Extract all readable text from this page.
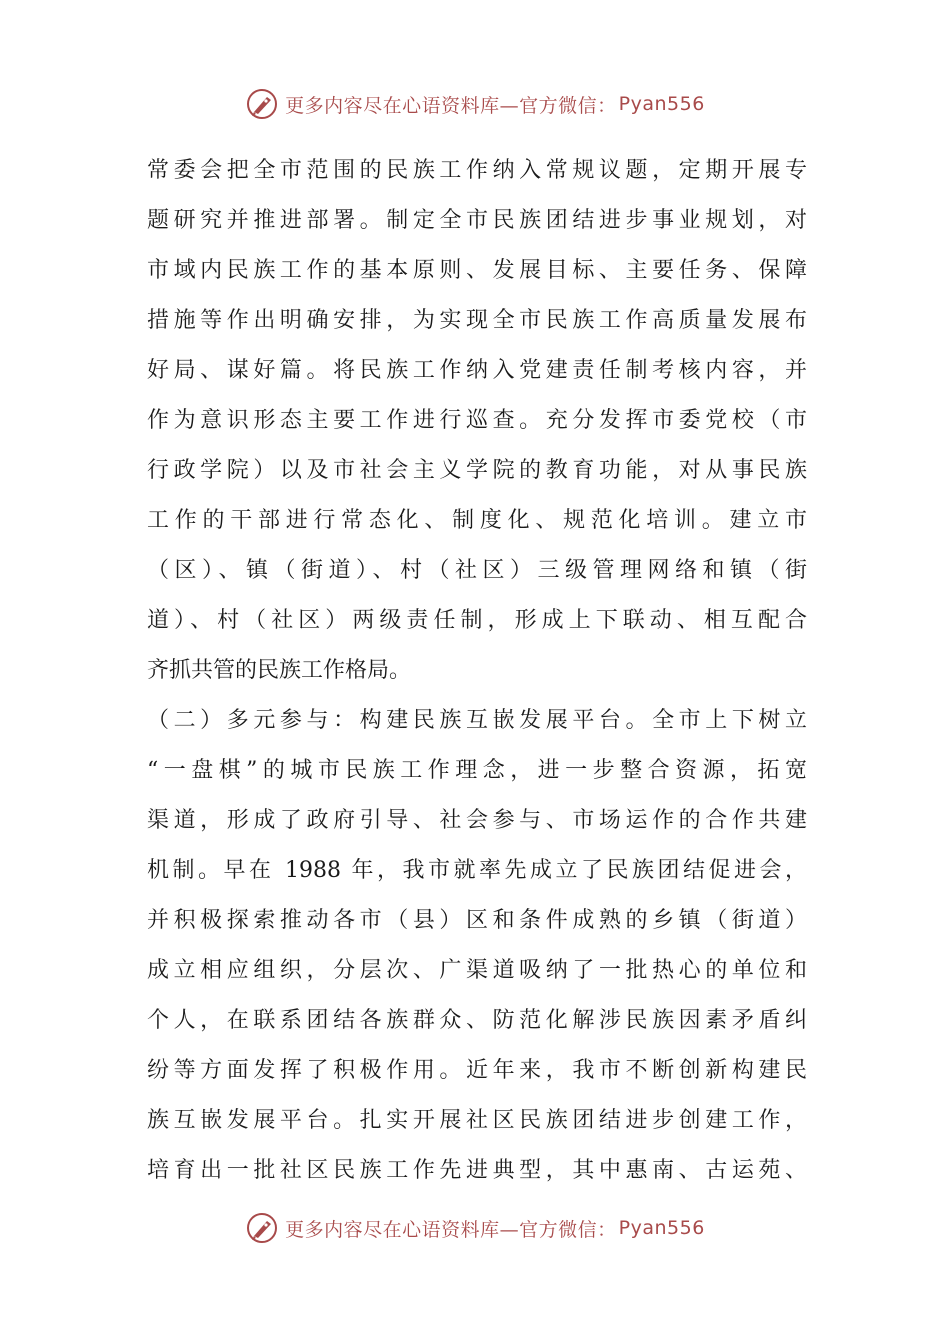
更多内容尽在心语资料库—官方微信： Pyan556
常委会把全市范围的民族工作纳入常规议题，定期开展专
题研究并推进部署。制定全市民族团结进步事业规划，对
市域内民族工作的基本原则、发展目标、主要任务、保障
措施等作出明确安排，为实现全市民族工作高质量发展布
好局、谋好篇。将民族工作纳入党建责任制考核内容，并
作为意识形态主要工作进行巡查。充分发挥市委党校（市
行政学院）以及市社会主义学院的教育功能，对从事民族
工作的干部进行常态化、制度化、规范化培训。建立市
（区）、镇（街道）、村（社区）三级管理网络和镇（街
道）、村（社区）两级责任制，形成上下联动、相互配合
齐抓共管的民族工作格局。
（二）多元参与：构建民族互嵌发展平台。全市上下树立
“一盘棋”的城市民族工作理念，进一步整合资源，拓宽
渠道，形成了政府引导、社会参与、市场运作的合作共建
机制。早在 1988 年，我市就率先成立了民族团结促进会，
并积极探索推动各市（县）区和条件成熟的乡镇（街道）
成立相应组织，分层次、广渠道吸纳了一批热心的单位和
个人，在联系团结各族群众、防范化解涉民族因素矛盾纠
纷等方面发挥了积极作用。近年来，我市不断创新构建民
族互嵌发展平台。扎实开展社区民族团结进步创建工作，
培育出一批社区民族工作先进典型，其中惠南、古运苑、
更多内容尽在心语资料库—官方微信： Pyan556
